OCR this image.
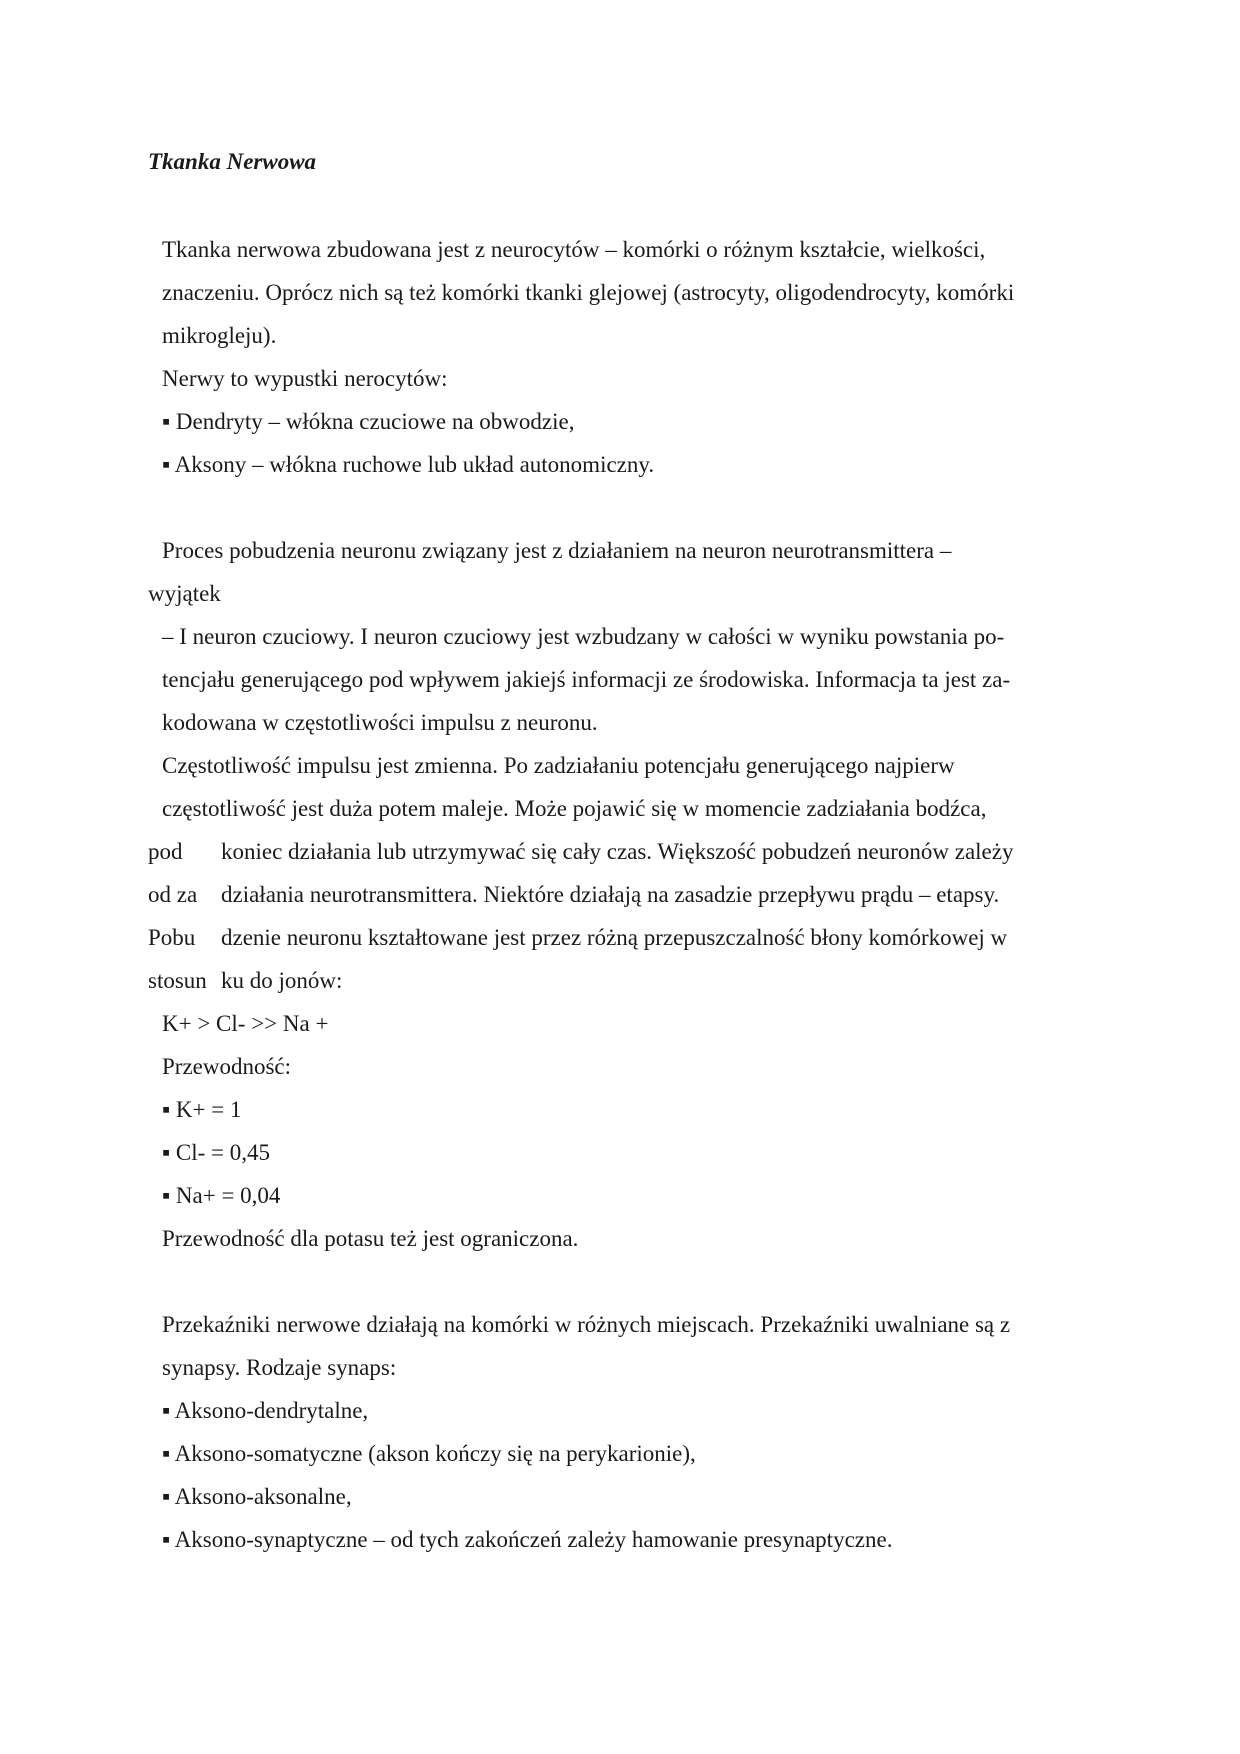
Tkanka Nerwowa
Tkanka nerwowa zbudowana jest z neurocytów – komórki o różnym kształcie, wielkości,
znaczeniu. Oprócz nich są też komórki tkanki glejowej (astrocyty, oligodendrocyty, komórki
mikrogleju).
Nerwy to wypustki nerocytów:
▪ Dendryty – włókna czuciowe na obwodzie,
▪ Aksony – włókna ruchowe lub układ autonomiczny.
Proces pobudzenia neuronu związany jest z działaniem na neuron neurotransmittera –
wyjątek
– I neuron czuciowy. I neuron czuciowy jest wzbudzany w całości w wyniku powstania po-
tencjału generującego pod wpływem jakiejś informacji ze środowiska. Informacja ta jest za-
kodowana w częstotliwości impulsu z neuronu.
Częstotliwość impulsu jest zmienna. Po zadziałaniu potencjału generującego najpierw
częstotliwość jest duża potem maleje. Może pojawić się w momencie zadziałania bodźca,
pod koniec działania lub utrzymywać się cały czas. Większość pobudzeń neuronów zależy
od za działania neurotransmittera. Niektóre działają na zasadzie przepływu prądu – etapsy.
Pobu dzenie neuronu kształtowane jest przez różną przepuszczalność błony komórkowej w
stosun ku do jonów:
K+ > Cl- >> Na +
Przewodność:
▪ K+ = 1
▪ Cl- = 0,45
▪ Na+ = 0,04
Przewodność dla potasu też jest ograniczona.
Przekaźniki nerwowe działają na komórki w różnych miejscach. Przekaźniki uwalniane są z
synapsy. Rodzaje synaps:
▪ Aksono-dendrytalne,
▪ Aksono-somatyczne (akson kończy się na perykarionie),
▪ Aksono-aksonalne,
▪ Aksono-synaptyczne – od tych zakończeń zależy hamowanie presynaptyczne.
